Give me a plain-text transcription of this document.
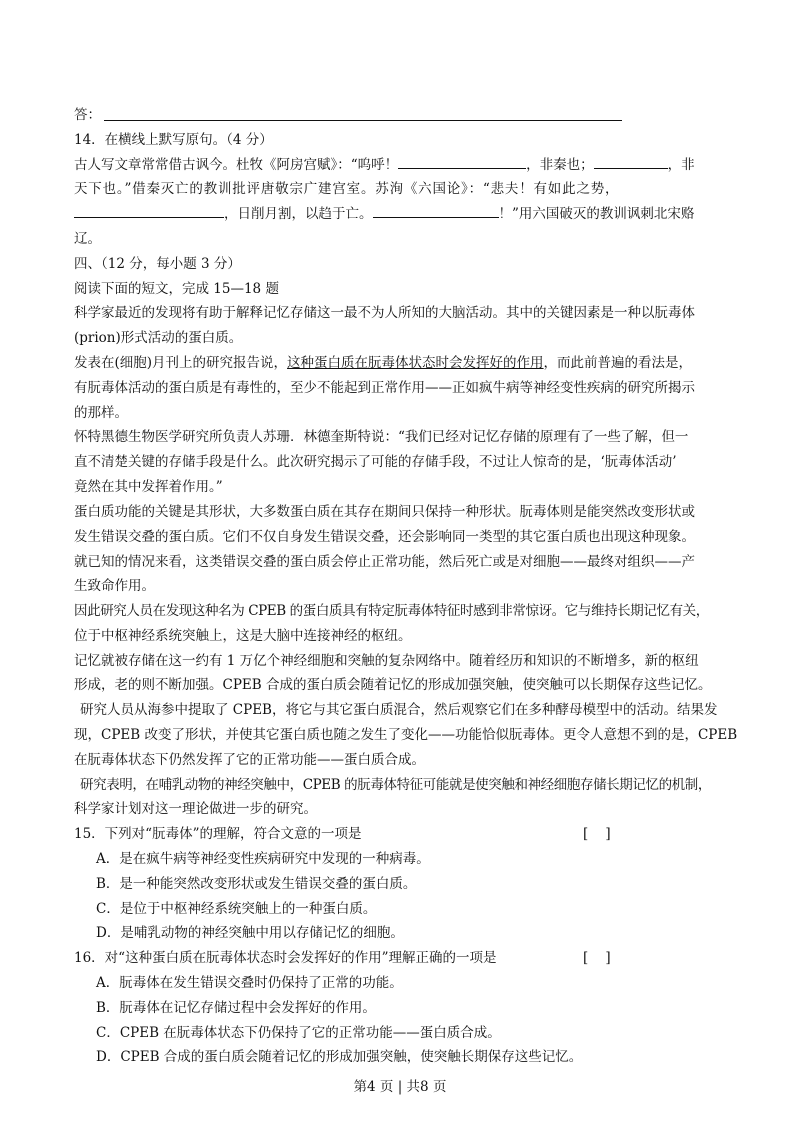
答：
14．在横线上默写原句。（4 分）
古人写文章常常借古讽今。杜牧《阿房宫赋》：“呜呼！	，非秦也；	，非
天下也。”借秦灭亡的教训批评唐敬宗广建宫室。苏洵《六国论》：“悲夫！有如此之势，
，日削月割，以趋于亡。	！”用六国破灭的教训讽刺北宋赂
辽。
四、（12 分，每小题 3 分）
阅读下面的短文，完成 15—18 题
科学家最近的发现将有助于解释记忆存储这一最不为人所知的大脑活动。其中的关键因素是一种以朊毒体
(prion)形式活动的蛋白质。
发表在(细胞)月刊上的研究报告说，这种蛋白质在朊毒体状态时会发挥好的作用，而此前普遍的看法是，
有朊毒体活动的蛋白质是有毒性的，至少不能起到正常作用——正如疯牛病等神经变性疾病的研究所揭示
的那样。
怀特黑德生物医学研究所负责人苏珊．林德奎斯特说：“我们已经对记忆存储的原理有了一些了解，但一
直不清楚关键的存储手段是什么。此次研究揭示了可能的存储手段，不过让人惊奇的是，‘朊毒体活动’
竟然在其中发挥着作用。”
蛋白质功能的关键是其形状，大多数蛋白质在其存在期间只保持一种形状。朊毒体则是能突然改变形状或
发生错误交叠的蛋白质。它们不仅自身发生错误交叠，还会影响同一类型的其它蛋白质也出现这种现象。
就已知的情况来看，这类错误交叠的蛋白质会停止正常功能，然后死亡或是对细胞——最终对组织——产
生致命作用。
因此研究人员在发现这种名为 CPEB 的蛋白质具有特定朊毒体特征时感到非常惊讶。它与维持长期记忆有关，
位于中枢神经系统突触上，这是大脑中连接神经的枢纽。
记忆就被存储在这一约有 1 万亿个神经细胞和突触的复杂网络中。随着经历和知识的不断增多，新的枢纽
形成，老的则不断加强。CPEB 合成的蛋白质会随着记忆的形成加强突触，使突触可以长期保存这些记忆。
研究人员从海参中提取了 CPEB，将它与其它蛋白质混合，然后观察它们在多种酵母模型中的活动。结果发
现，CPEB 改变了形状，并使其它蛋白质也随之发生了变化——功能恰似朊毒体。更令人意想不到的是，CPEB
在朊毒体状态下仍然发挥了它的正常功能——蛋白质合成。
研究表明，在哺乳动物的神经突触中，CPEB 的朊毒体特征可能就是使突触和神经细胞存储长期记忆的机制，
科学家计划对这一理论做进一步的研究。
15．下列对“朊毒体”的理解，符合文意的一项是	[    ]
A．是在疯牛病等神经变性疾病研究中发现的一种病毒。
B．是一种能突然改变形状或发生错误交叠的蛋白质。
C．是位于中枢神经系统突触上的一种蛋白质。
D．是哺乳动物的神经突触中用以存储记忆的细胞。
16．对“这种蛋白质在朊毒体状态时会发挥好的作用”理解正确的一项是	[    ]
A．朊毒体在发生错误交叠时仍保持了正常的功能。
B．朊毒体在记忆存储过程中会发挥好的作用。
C．CPEB 在朊毒体状态下仍保持了它的正常功能——蛋白质合成。
D．CPEB 合成的蛋白质会随着记忆的形成加强突触，使突触长期保存这些记忆。
第4 页 | 共8 页
